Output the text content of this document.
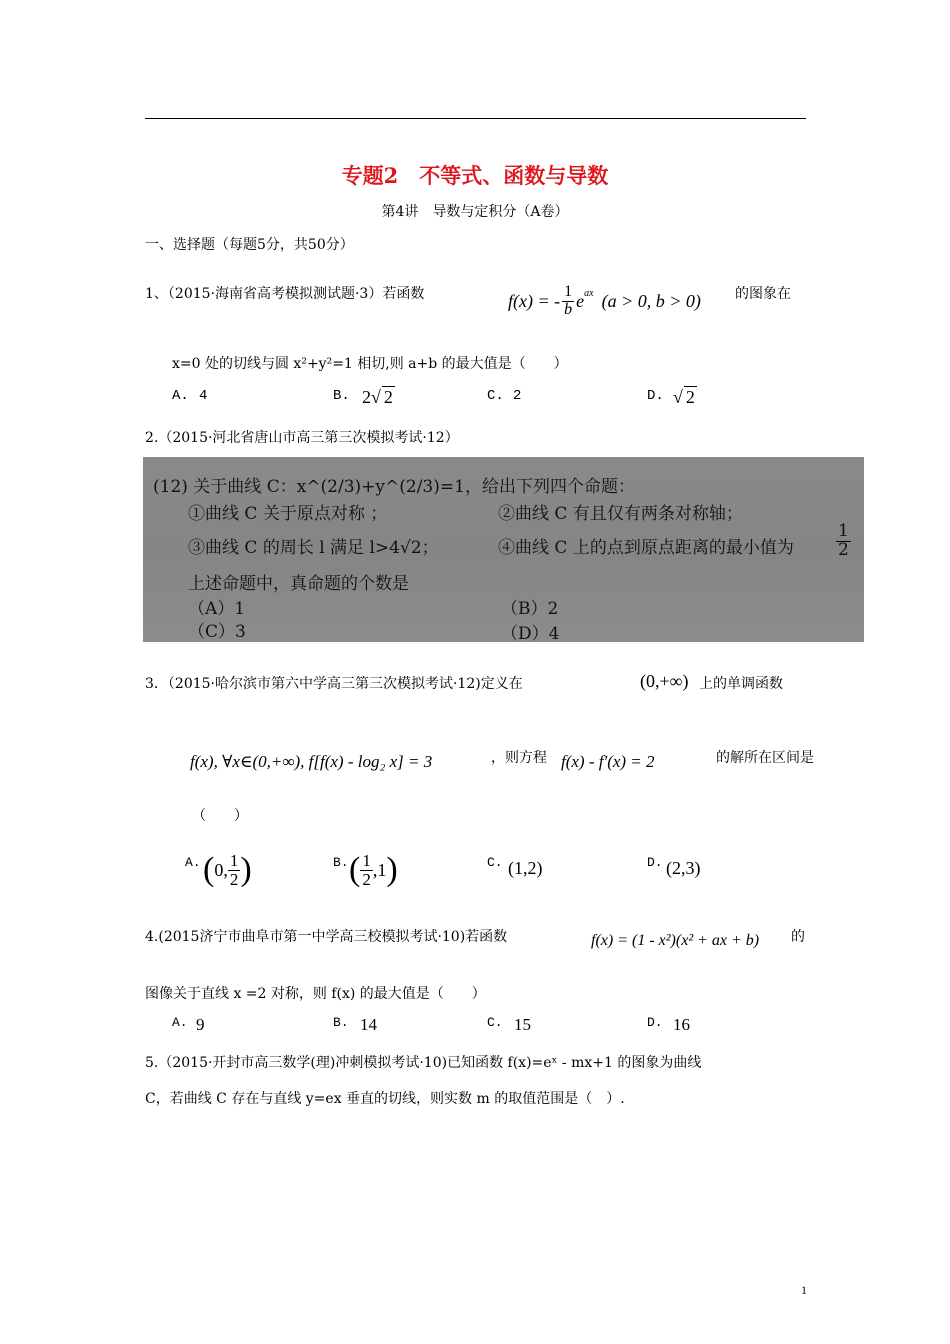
专题2　不等式、函数与导数
第4讲　导数与定积分（A卷）
一、选择题（每题5分，共50分）
1、（2015·海南省高考模拟测试题·3）若函数	f(x) = - $\frac{1}{b} e^{ax}$ (a > 0, b > 0) 的图象在
x=0 处的切线与圆 x²+y²=1 相切,则 a+b 的最大值是（　　）
A. 4	B. 2√ 2	C. 2	D. √ 2
2.（2015·河北省唐山市高三第三次模拟考试·12）
(12) 关于曲线 C：x^(2/3)+y^(2/3)=1，给出下列四个命题：
①曲线 C 关于原点对称 ；	②曲线 C 有且仅有两条对称轴；
③曲线 C 的周长 l 满足 l>4√2；	④曲线 C 上的点到原点距离的最小值为 $\frac{1}{2}$
上述命题中，真命题的个数是
（A）1	（B）2
（C）3	（D）4
3．（2015·哈尔滨市第六中学高三第三次模拟考试·12)定义在	(0,+∞) 上的单调函数
f(x), ∀x∈(0,+∞), f[f(x) - log₂ x] = 3	，则方程 f(x) - f′(x) = 2	的解所在区间是
（　　）
A. ( 0, $\frac{1}{2}$ )	B. ( $\frac{1}{2} ,1$ )	C. (1,2)	D. (2,3)
4.(2015济宁市曲阜市第一中学高三校模拟考试·10)若函数	f(x) = (1 - x²)(x² + ax + b) 的
图像关于直线 x =2 对称，则 f(x) 的最大值是（　　）
A. 9	B. 14	C. 15	D. 16
5.（2015·开封市高三数学(理)冲刺模拟考试·10)已知函数 f(x)=eˣ - mx+1 的图象为曲线
C，若曲线 C 存在与直线 y=ex 垂直的切线，则实数 m 的取值范围是（　）.
1
